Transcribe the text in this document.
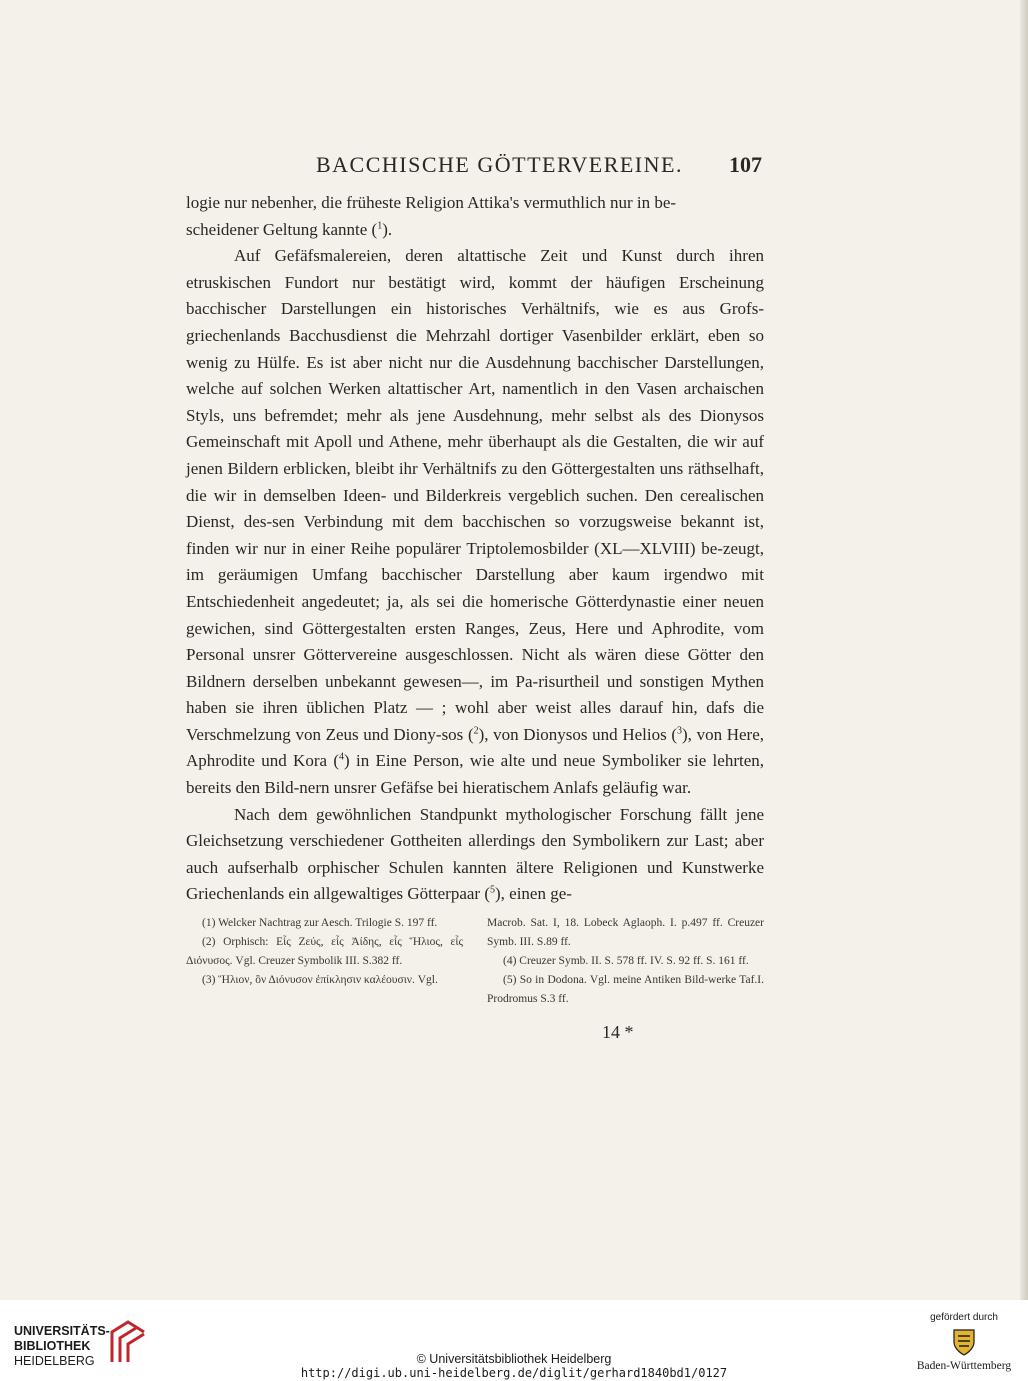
BACCHISCHE GÖTTERVEREINE. 107

logie nur nebenher, die früheste Religion Attika's vermuthlich nur in be-
scheidener Geltung kannte ($^1$).

Auf Gefäfsmalereien, deren altattische Zeit und Kunst durch ihren etruskischen Fundort nur bestätigt wird, kommt der häufigen Erscheinung bacchischer Darstellungen ein historisches Verhältnifs, wie es aus Grofs-griechenlands Bacchusdienst die Mehrzahl dortiger Vasenbilder erklärt, eben so wenig zu Hülfe. Es ist aber nicht nur die Ausdehnung bacchischer Darstellungen, welche auf solchen Werken altattischer Art, namentlich in den Vasen archaischen Styls, uns befremdet; mehr als jene Ausdehnung, mehr selbst als des Dionysos Gemeinschaft mit Apoll und Athene, mehr überhaupt als die Gestalten, die wir auf jenen Bildern erblicken, bleibt ihr Verhältnifs zu den Göttergestalten uns räthselhaft, die wir in demselben Ideen- und Bilderkreis vergeblich suchen. Den cerealischen Dienst, des-sen Verbindung mit dem bacchischen so vorzugsweise bekannt ist, finden wir nur in einer Reihe populärer Triptolemosbilder (XL—XLVIII) be-zeugt, im geräumigen Umfang bacchischer Darstellung aber kaum irgendwo mit Entschiedenheit angedeutet; ja, als sei die homerische Götterdynastie einer neuen gewichen, sind Göttergestalten ersten Ranges, Zeus, Here und Aphrodite, vom Personal unsrer Göttervereine ausgeschlossen. Nicht als wären diese Götter den Bildnern derselben unbekannt gewesen—, im Pa-risurtheil und sonstigen Mythen haben sie ihren üblichen Platz — ; wohl aber weist alles darauf hin, dafs die Verschmelzung von Zeus und Diony-sos ($^2$), von Dionysos und Helios ($^3$), von Here, Aphrodite und Kora ($^4$) in Eine Person, wie alte und neue Symboliker sie lehrten, bereits den Bild-nern unsrer Gefäfse bei hieratischem Anlafs geläufig war.

Nach dem gewöhnlichen Standpunkt mythologischer Forschung fällt jene Gleichsetzung verschiedener Gottheiten allerdings den Symbolikern zur Last; aber auch aufserhalb orphischer Schulen kannten ältere Religionen und Kunstwerke Griechenlands ein allgewaltiges Götterpaar ($^5$), einen ge-

(1) Welcker Nachtrag zur Aesch. Trilogie S. 197 ff.

(2) Orphisch: Εἷς Ζεύς, εἷς Ἀίδης, εἷς Ἥλιος, εἷς Διόνυσος. Vgl. Creuzer Symbolik III. S.382 ff.

(3) Ἥλιον, ὃν Διόνυσον ἐπίκλησιν καλέουσιν. Vgl.

Macrob. Sat. I, 18. Lobeck Aglaoph. I. p.497 ff. Creuzer Symb. III. S.89 ff.

(4) Creuzer Symb. II. S. 578 ff. IV. S. 92 ff. S. 161 ff.

(5) So in Dodona. Vgl. meine Antiken Bild-werke Taf.I. Prodromus S.3 ff.

14 *
UNIVERSITÄTS-
BIBLIOTHEK
HEIDELBERG	© Universitätsbibliothek Heidelberg
http://digi.ub.uni-heidelberg.de/diglit/gerhard1840bd1/0127
gefördert durch
Baden-Württemberg
